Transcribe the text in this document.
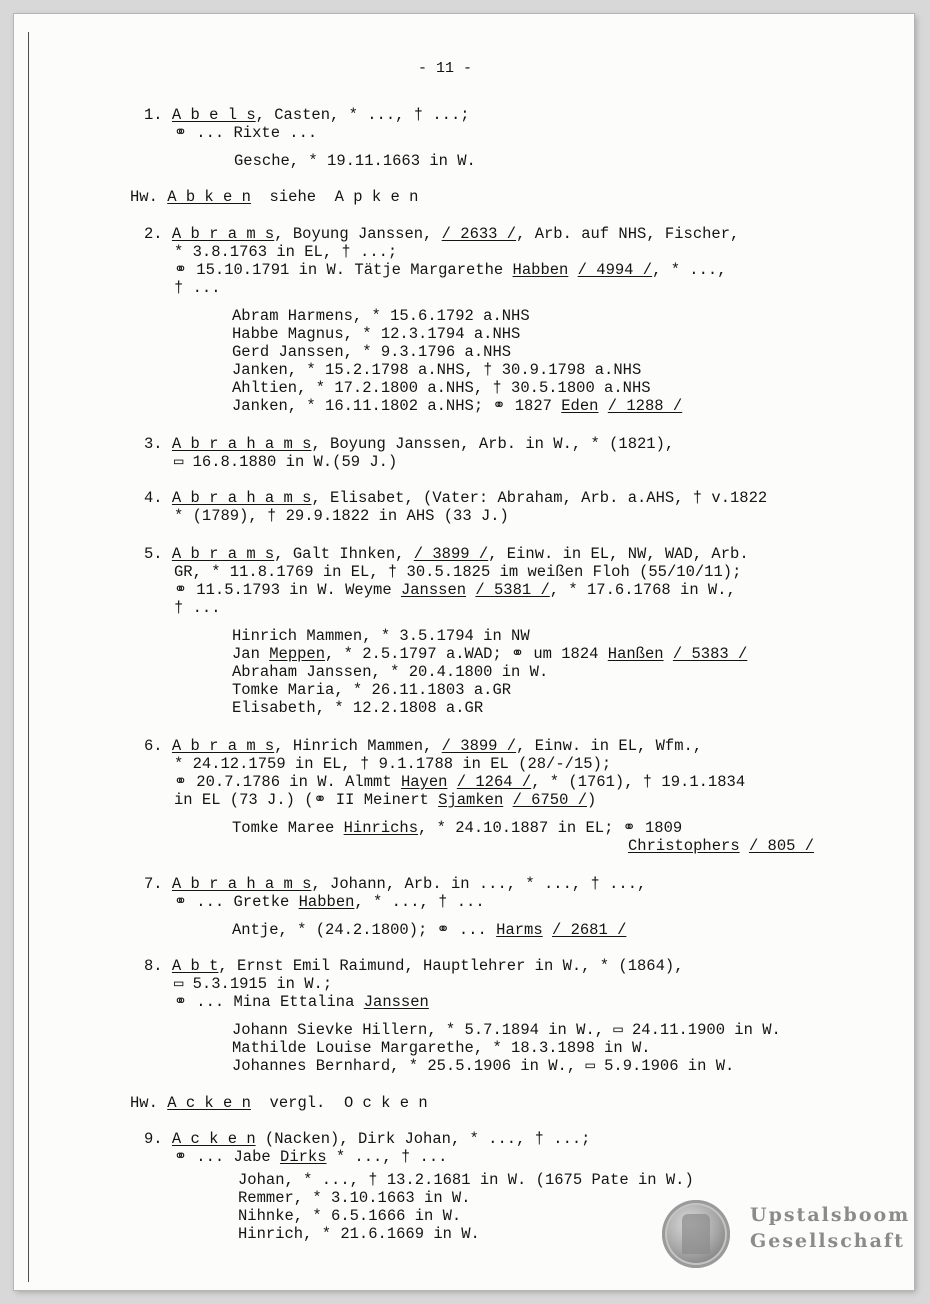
- 11 -
1. A b e l s, Casten, * ..., † ...;
⚭ ... Rixte ...
Gesche, * 19.11.1663 in W.
Hw. A b k e n  siehe  A p k e n
2. A b r a m s, Boyung Janssen, / 2633 /, Arb. auf NHS, Fischer,
* 3.8.1763 in EL, † ...;
⚭ 15.10.1791 in W. Tätje Margarethe Habben / 4994 /, * ...,
† ...
Abram Harmens, * 15.6.1792 a.NHS
Habbe Magnus, * 12.3.1794 a.NHS
Gerd Janssen, * 9.3.1796 a.NHS
Janken, * 15.2.1798 a.NHS, † 30.9.1798 a.NHS
Ahltien, * 17.2.1800 a.NHS, † 30.5.1800 a.NHS
Janken, * 16.11.1802 a.NHS; ⚭ 1827 Eden / 1288 /
3. A b r a h a m s, Boyung Janssen, Arb. in W., * (1821),
▭ 16.8.1880 in W.(59 J.)
4. A b r a h a m s, Elisabet, (Vater: Abraham, Arb. a.AHS, † v.1822
* (1789), † 29.9.1822 in AHS (33 J.)
5. A b r a m s, Galt Ihnken, / 3899 /, Einw. in EL, NW, WAD, Arb.
GR, * 11.8.1769 in EL, † 30.5.1825 im weißen Floh (55/10/11);
⚭ 11.5.1793 in W. Weyme Janssen / 5381 /, * 17.6.1768 in W.,
† ...
Hinrich Mammen, * 3.5.1794 in NW
Jan Meppen, * 2.5.1797 a.WAD; ⚭ um 1824 Hanßen / 5383 /
Abraham Janssen, * 20.4.1800 in W.
Tomke Maria, * 26.11.1803 a.GR
Elisabeth, * 12.2.1808 a.GR
6. A b r a m s, Hinrich Mammen, / 3899 /, Einw. in EL, Wfm.,
* 24.12.1759 in EL, † 9.1.1788 in EL (28/-/15);
⚭ 20.7.1786 in W. Almmt Hayen / 1264 /, * (1761), † 19.1.1834
in EL (73 J.) (⚭ II Meinert Sjamken / 6750 /)
Tomke Maree Hinrichs, * 24.10.1887 in EL; ⚭ 1809
Christophers / 805 /
7. A b r a h a m s, Johann, Arb. in ..., * ..., † ...,
⚭ ... Gretke Habben, * ..., † ...
Antje, * (24.2.1800); ⚭ ... Harms / 2681 /
8. A b t, Ernst Emil Raimund, Hauptlehrer in W., * (1864),
▭ 5.3.1915 in W.;
⚭ ... Mina Ettalina Janssen
Johann Sievke Hillern, * 5.7.1894 in W., ▭ 24.11.1900 in W.
Mathilde Louise Margarethe, * 18.3.1898 in W.
Johannes Bernhard, * 25.5.1906 in W., ▭ 5.9.1906 in W.
Hw. A c k e n  vergl.  O c k e n
9. A c k e n (Nacken), Dirk Johan, * ..., † ...;
⚭ ... Jabe Dirks * ..., † ...
Johan, * ..., † 13.2.1681 in W. (1675 Pate in W.)
Remmer, * 3.10.1663 in W.
Nihnke, * 6.5.1666 in W.
Hinrich, * 21.6.1669 in W.
Upstalsboom
Gesellschaft
